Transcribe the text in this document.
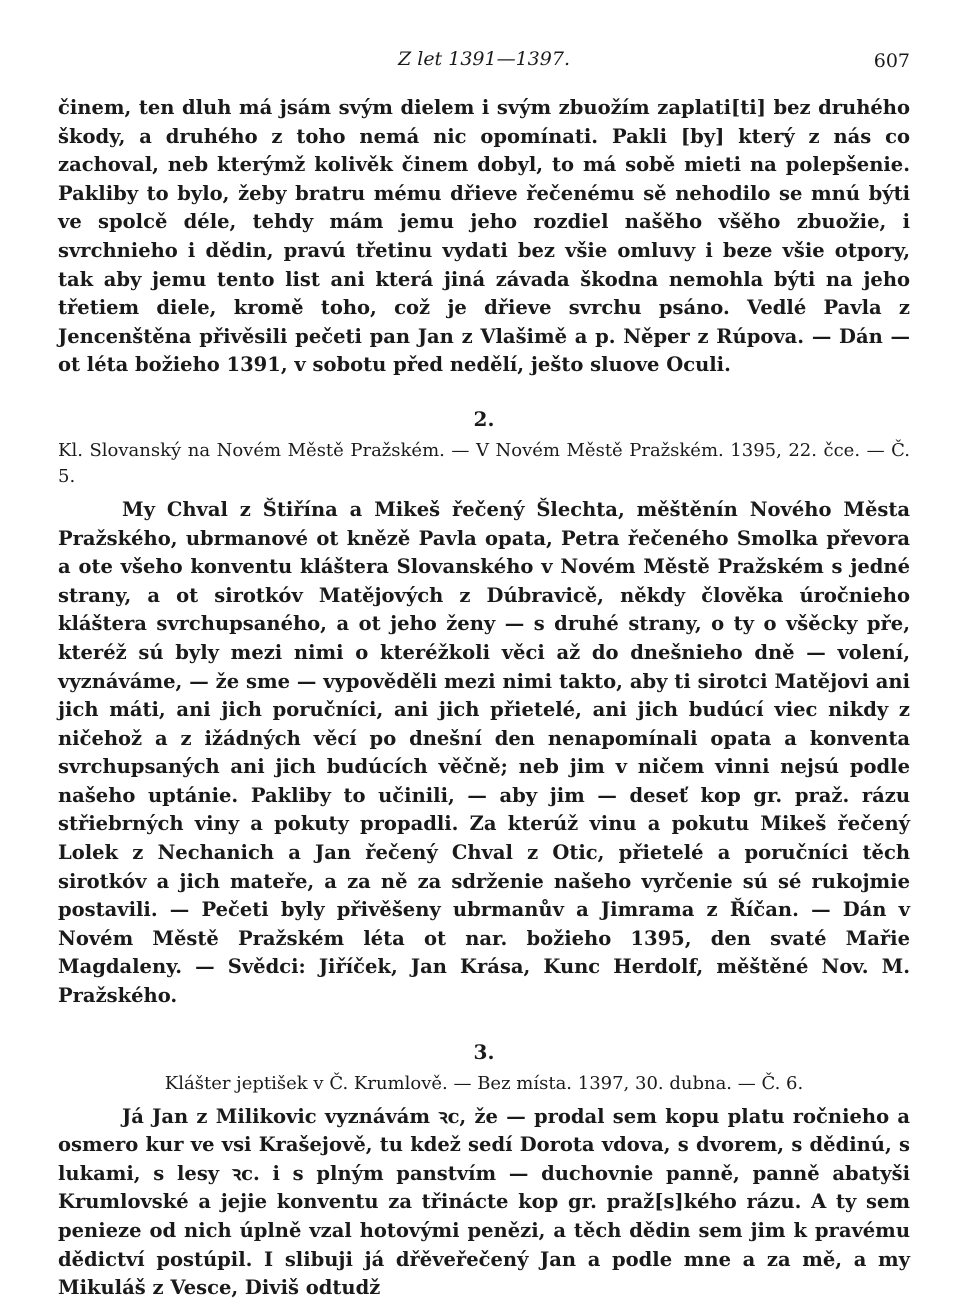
Z let 1391—1397.	607

činem, ten dluh má jsám svým dielem i svým zbuožím zaplati[ti] bez druhého škody, a druhého z toho nemá nic opomínati. Pakli [by] který z nás co zachoval, neb kterýmž kolivěk činem dobyl, to má sobě mieti na polepšenie. Pakliby to bylo, žeby bratru mému dřieve řečenému sě nehodilo se mnú býti ve spolcě déle, tehdy mám jemu jeho rozdiel našěho všěho zbuožie, i svrchnieho i dědin, pravú třetinu vydati bez všie omluvy i beze všie otpory, tak aby jemu tento list ani která jiná závada škodna nemohla býti na jeho třetiem diele, kromě toho, což je dřieve svrchu psáno. Vedlé Pavla z Jencenštěna přivěsili pečeti pan Jan z Vlašimě a p. Něper z Rúpova. — Dán — ot léta božieho 1391, v sobotu před nedělí, ješto sluove Oculi.

2.

Kl. Slovanský na Novém Městě Pražském. — V Novém Městě Pražském. 1395, 22. čce. — Č. 5.

My Chval z Štiřína a Mikeš řečený Šlechta, měštěnín Nového Města Pražského, ubrmanové ot knězě Pavla opata, Petra řečeného Smolka převora a ote všeho konventu kláštera Slovanského v Novém Městě Pražském s jedné strany, a ot sirotkóv Matějových z Dúbravicě, někdy člověka úročnieho kláštera svrchupsaného, a ot jeho ženy — s druhé strany, o ty o všěcky pře, kteréž sú byly mezi nimi o kteréžkoli věci až do dnešnieho dně — volení, vyznáváme, — že sme — vypověděli mezi nimi takto, aby ti sirotci Matějovi ani jich máti, ani jich poručníci, ani jich přietelé, ani jich budúcí viec nikdy z ničehož a z ižádných věcí po dnešní den nenapomínali opata a konventa svrchupsaných ani jich budúcích věčně; neb jim v ničem vinni nejsú podle našeho uptánie. Pakliby to učinili, — aby jim — deseť kop gr. praž. rázu střiebrných viny a pokuty propadli. Za kterúž vinu a pokutu Mikeš řečený Lolek z Nechanich a Jan řečený Chval z Otic, přietelé a poručníci těch sirotkóv a jich mateře, a za ně za sdrženie našeho vyrčenie sú sé rukojmie postavili. — Pečeti byly přivěšeny ubrmanův a Jimrama z Říčan. — Dán v Novém Městě Pražském léta ot nar. božieho 1395, den svaté Mařie Magdaleny. — Svědci: Jiříček, Jan Krása, Kunc Herdolf, měštěné Nov. M. Pražského.

3.

Klášter jeptišek v Č. Krumlově. — Bez místa. 1397, 30. dubna. — Č. 6.

Já Jan z Milikovic vyznávám ꝛc, že — prodal sem kopu platu ročnieho a osmero kur ve vsi Krašejově, tu kdež sedí Dorota vdova, s dvorem, s dědinú, s lukami, s lesy ꝛc. i s plným panstvím — duchovnie panně, panně abatyši Krumlovské a jejie konventu za třinácte kop gr. praž[s]kého rázu. A ty sem penieze od nich úplně vzal hotovými penězi, a těch dědin sem jim k pravému dědictví postúpil. I slibuji já dřěveřečený Jan a podle mne a za mě, a my Mikuláš z Vesce, Diviš odtudž
